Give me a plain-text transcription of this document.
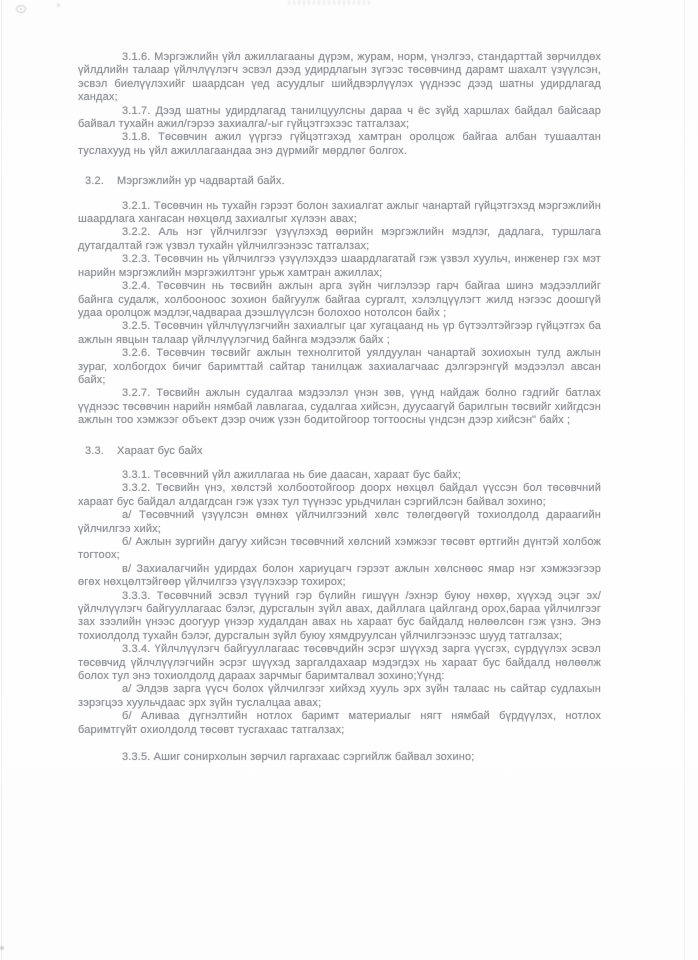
×

3.1.6. Мэргэжлийн үйл ажиллагааны дүрэм, журам, норм, үнэлгээ, стандарттай зөрчилдөх үйлдлийн талаар үйлчлүүлэгч эсвэл дээд удирдлагын зүгээс төсөвчинд дарамт шахалт үзүүлсэн, эсвэл биелүүлэхийг шаардсан үед асуудлыг шийдвэрлүүлэх үүднээс дээд шатны удирдлагад хандах;

3.1.7. Дээд шатны удирдлагад танилцуулсны дараа ч ёс зүйд харшлах байдал байсаар байвал тухайн ажил/гэрээ захиалга/-ыг гүйцэтгэхээс татгалзах;

3.1.8. Төсөвчин ажил үүргээ гүйцэтгэхэд хамтран оролцож байгаа албан тушаалтан туслахууд нь үйл ажиллагаандаа энэ дүрмийг мөрдлөг болгох.

3.2. Мэргэжлийн ур чадвартай байх.

3.2.1. Төсөвчин нь тухайн гэрээт болон захиалгат ажлыг чанартай гүйцэтгэхэд мэргэжлийн шаардлага хангасан нөхцөлд захиалгыг хүлээн авах;

3.2.2. Аль нэг үйлчилгээг үзүүлэхэд өөрийн мэргэжлийн мэдлэг, дадлага, туршлага дутагдалтай гэж үзвэл тухайн үйлчилгээнээс татгалзах;

3.2.3. Төсөвчин нь үйлчилгээ үзүүлэхдээ шаардлагатай гэж үзвэл хуульч, инженер гэх мэт нарийн мэргэжлийн мэргэжилтэнг урьж хамтран ажиллах;

3.2.4. Төсөвчин нь төсвийн ажлын арга зүйн чиглэлээр гарч байгаа шинэ мэдээллийг байнга судалж, холбооноос зохион байгуулж байгаа сургалт, хэлэлцүүлэгт жилд нэгээс доошгүй удаа оролцож мэдлэг,чадвараа дээшлүүлсэн болохоо нотолсон байх ;

3.2.5. Төсөвчин үйлчлүүлэгчийн захиалгыг цаг хугацаанд нь үр бүтээлтэйгээр гүйцэтгэх ба ажлын явцын талаар үйлчлүүлэгчид байнга мэдээлж байх ;

3.2.6. Төсөвчин төсвийг ажлын технолгитой уялдуулан чанартай зохиохын тулд ажлын зураг, холбогдох бичиг баримттай сайтар танилцаж захиалагчаас дэлгэрэнгүй мэдээлэл авсан байх;

3.2.7. Төсвийн ажлын судалгаа мэдээлэл үнэн зөв, үүнд найдаж болно гэдгийг батлах үүднээс төсөвчин нарийн нямбай лавлагаа, судалгаа хийсэн, дуусаагүй барилгын төсвийг хийгдсэн ажлын тоо хэмжээг объект дээр очиж үзэн бодитойгоор тогтоосны үндсэн дээр хийсэн" байх ;

3.3. Хараат бус байх

3.3.1. Төсөвчний үйл ажиллагаа нь бие даасан, хараат бус байх;

3.3.2. Төсвийн үнэ, хөлстэй холбоотойгоор доорх нөхцөл байдал үүссэн бол төсөвчний хараат бус байдал алдагдсан гэж үзэх тул түүнээс урьдчилан сэргийлсэн байвал зохино;

а/ Төсөвчний үзүүлсэн өмнөх үйлчилгээний хөлс төлөгдөөгүй тохиолдолд дараагийн үйлчилгээ хийх;

б/ Ажлын зургийн дагуу хийсэн төсөвчний хөлсний хэмжээг төсөвт өртгийн дүнтэй холбож тогтоох;

в/ Захиалагчийн удирдах болон хариуцагч гэрээт ажлын хөлснөөс ямар нэг хэмжээгээр өгөх нөхцөлтэйгөөр үйлчилгээ үзүүлэхээр тохирох;

3.3.3. Төсөвчний эсвэл түүний гэр бүлийн гишүүн /эхнэр буюу нөхөр, хүүхэд эцэг эх/ үйлчлүүлэгч байгууллагаас бэлэг, дурсгалын зүйл авах, дайллага цайлганд орох,бараа үйлчилгээг зах зээлийн үнээс доогуур үнээр худалдан авах нь хараат бус байдалд нөлөөлсөн гэж үзнэ. Энэ тохиолдолд тухайн бэлэг, дурсгалын зүйл буюу хямдруулсан үйлчилгээнээс шууд татгалзах;

3.3.4. Үйлчлүүлэгч байгууллагаас төсөвчдийн эсрэг шүүхэд зарга үүсгэх, сүрдүүлэх эсвэл төсөвчид үйлчлүүлэгчийн эсрэг шүүхэд заргалдахаар мэдэгдэх нь хараат бус байдалд нөлөөлж болох тул энэ тохиолдолд дараах зарчмыг баримталвал зохино;Үүнд:

а/ Элдэв зарга үүсч болох үйлчилгээг хийхэд хууль эрх зүйн талаас нь сайтар судлахын зэрэгцээ хуульчдаас эрх зүйн туслалцаа авах;

б/ Аливаа дүгнэлтийн нотлох баримт материалыг нягт нямбай бүрдүүлэх, нотлох баримтгүйт охиолдолд төсөвт тусгахаас татгалзах;

3.3.5. Ашиг сонирхолын зөрчил гаргахаас сэргийлж байвал зохино;
